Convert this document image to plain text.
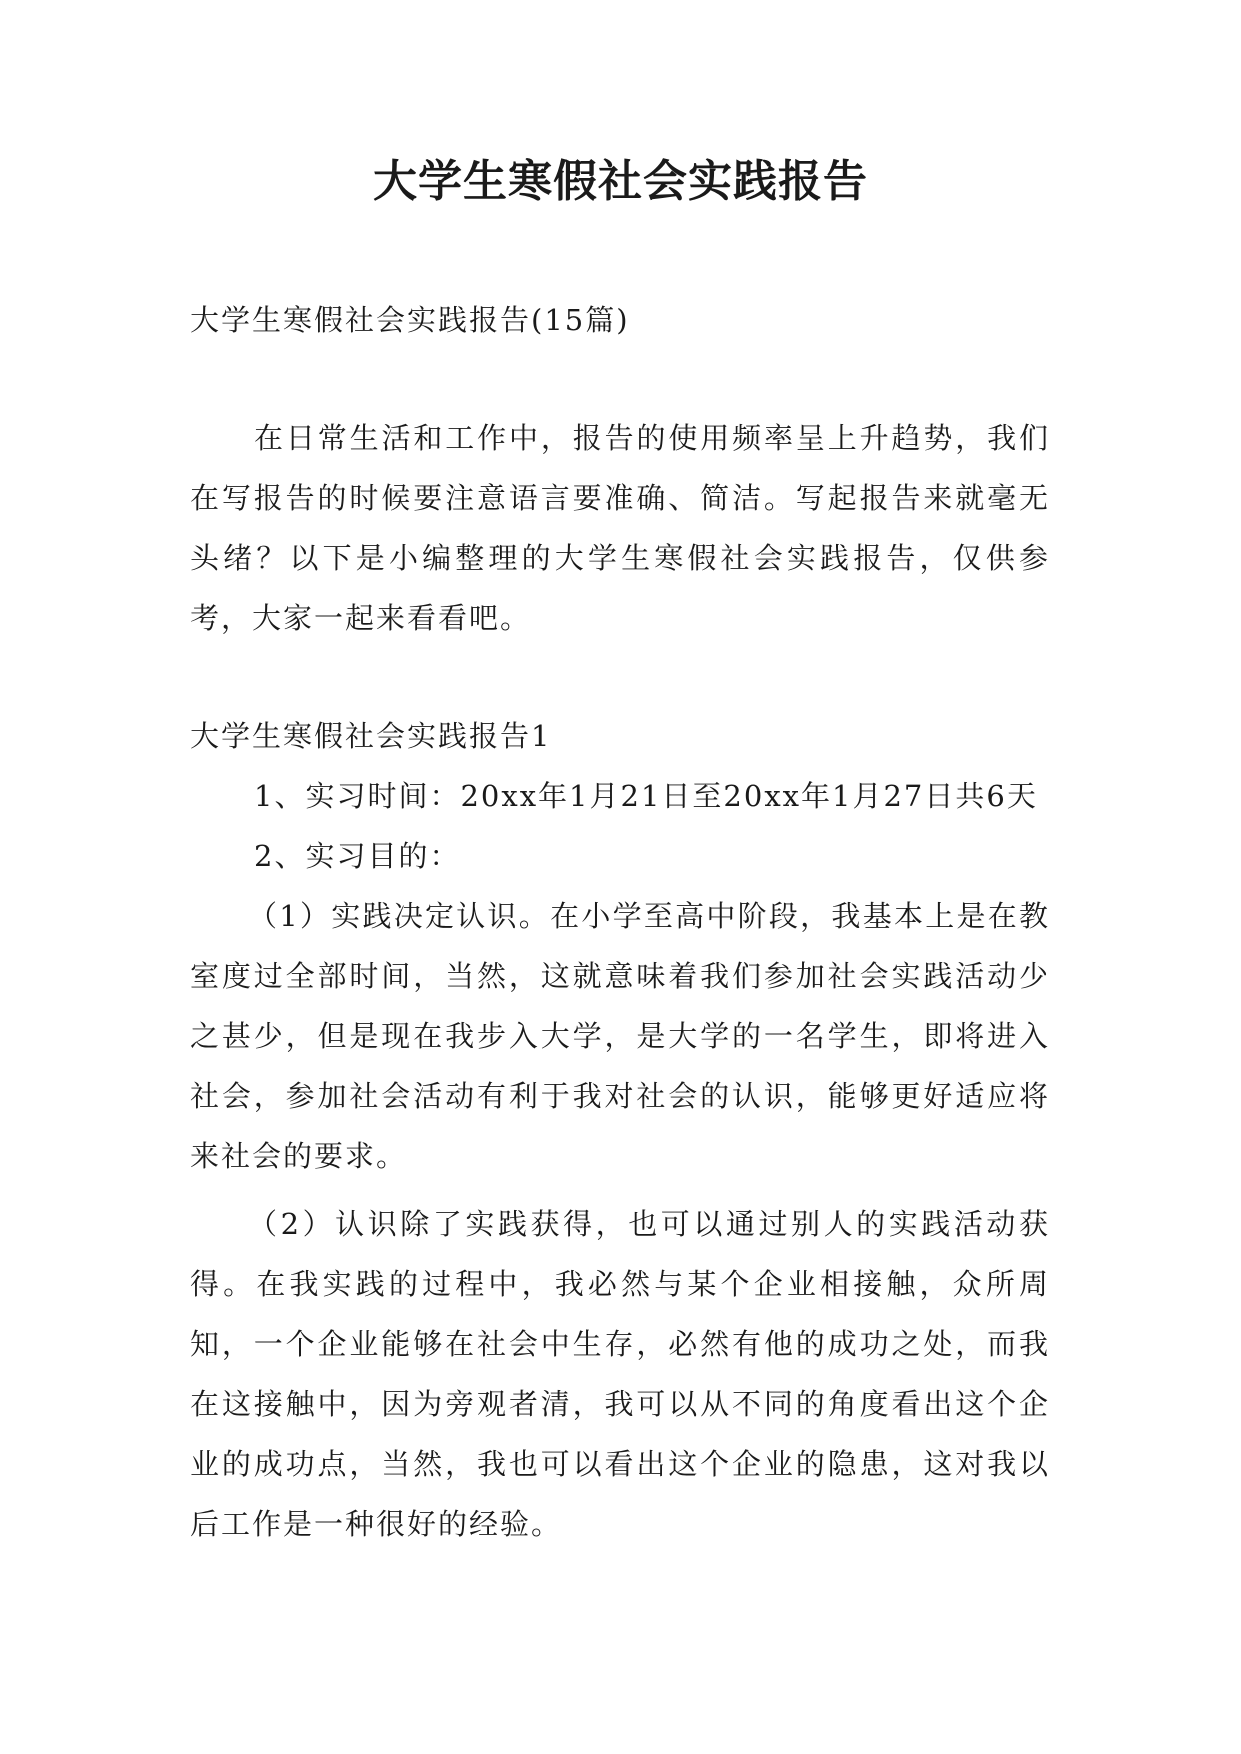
大学生寒假社会实践报告

大学生寒假社会实践报告(15篇)

在日常生活和工作中，报告的使用频率呈上升趋势，我们在写报告的时候要注意语言要准确、简洁。写起报告来就毫无头绪？以下是小编整理的大学生寒假社会实践报告，仅供参考，大家一起来看看吧。

大学生寒假社会实践报告1

1、实习时间：20xx年1月21日至20xx年1月27日共6天

2、实习目的：

（1）实践决定认识。在小学至高中阶段，我基本上是在教室度过全部时间，当然，这就意味着我们参加社会实践活动少之甚少，但是现在我步入大学，是大学的一名学生，即将进入社会，参加社会活动有利于我对社会的认识，能够更好适应将来社会的要求。

（2）认识除了实践获得，也可以通过别人的实践活动获得。在我实践的过程中，我必然与某个企业相接触，众所周知，一个企业能够在社会中生存，必然有他的成功之处，而我在这接触中，因为旁观者清，我可以从不同的角度看出这个企业的成功点，当然，我也可以看出这个企业的隐患，这对我以后工作是一种很好的经验。
